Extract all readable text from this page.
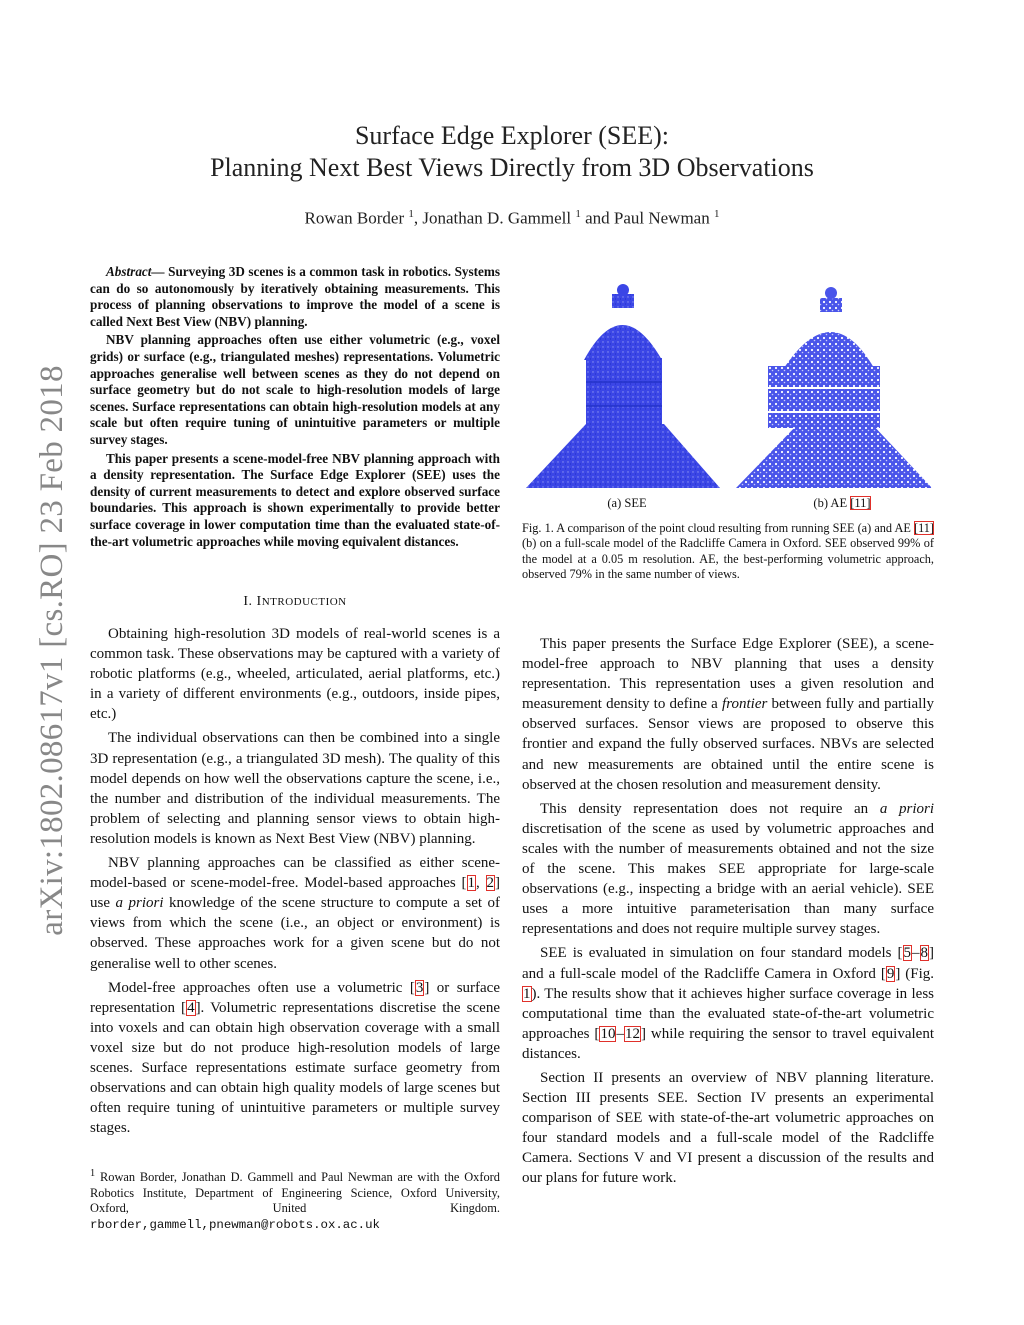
arXiv:1802.08617v1 [cs.RO] 23 Feb 2018
Surface Edge Explorer (SEE):
Planning Next Best Views Directly from 3D Observations
Rowan Border $^1$, Jonathan D. Gammell $^1$ and Paul Newman $^1$

Abstract— Surveying 3D scenes is a common task in robotics. Systems can do so autonomously by iteratively obtaining measurements. This process of planning observations to improve the model of a scene is called Next Best View (NBV) planning.

NBV planning approaches often use either volumetric (e.g., voxel grids) or surface (e.g., triangulated meshes) representations. Volumetric approaches generalise well between scenes as they do not depend on surface geometry but do not scale to high-resolution models of large scenes. Surface representations can obtain high-resolution models at any scale but often require tuning of unintuitive parameters or multiple survey stages.

This paper presents a scene-model-free NBV planning approach with a density representation. The Surface Edge Explorer (SEE) uses the density of current measurements to detect and explore observed surface boundaries. This approach is shown experimentally to provide better surface coverage in lower computation time than the evaluated state-of-the-art volumetric approaches while moving equivalent distances.

I. INTRODUCTION

Obtaining high-resolution 3D models of real-world scenes is a common task. These observations may be captured with a variety of robotic platforms (e.g., wheeled, articulated, aerial platforms, etc.) in a variety of different environments (e.g., outdoors, inside pipes, etc.)

The individual observations can then be combined into a single 3D representation (e.g., a triangulated 3D mesh). The quality of this model depends on how well the observations capture the scene, i.e., the number and distribution of the individual measurements. The problem of selecting and planning sensor views to obtain high-resolution models is known as Next Best View (NBV) planning.

NBV planning approaches can be classified as either scene-model-based or scene-model-free. Model-based approaches [1, 2] use a priori knowledge of the scene structure to compute a set of views from which the scene (i.e., an object or environment) is observed. These approaches work for a given scene but do not generalise well to other scenes.

Model-free approaches often use a volumetric [3] or surface representation [4]. Volumetric representations discretise the scene into voxels and can obtain high observation coverage with a small voxel size but do not produce high-resolution models of large scenes. Surface representations estimate surface geometry from observations and can obtain high quality models of large scenes but often require tuning of unintuitive parameters or multiple survey stages.

$^1$ Rowan Border, Jonathan D. Gammell and Paul Newman are with the Oxford Robotics Institute, Department of Engineering Science, Oxford University, Oxford, United Kingdom. rborder,gammell,pnewman@robots.ox.ac.uk
(a) SEE	(b) AE [11]
Fig. 1. A comparison of the point cloud resulting from running SEE (a) and AE [11] (b) on a full-scale model of the Radcliffe Camera in Oxford. SEE observed 99% of the model at a 0.05 m resolution. AE, the best-performing volumetric approach, observed 79% in the same number of views.

This paper presents the Surface Edge Explorer (SEE), a scene-model-free approach to NBV planning that uses a density representation. This representation uses a given resolution and measurement density to define a frontier between fully and partially observed surfaces. Sensor views are proposed to observe this frontier and expand the fully observed surfaces. NBVs are selected and new measurements are obtained until the entire scene is observed at the chosen resolution and measurement density.

This density representation does not require an a priori discretisation of the scene as used by volumetric approaches and scales with the number of measurements obtained and not the size of the scene. This makes SEE appropriate for large-scale observations (e.g., inspecting a bridge with an aerial vehicle). SEE uses a more intuitive parameterisation than many surface representations and does not require multiple survey stages.

SEE is evaluated in simulation on four standard models [5–8] and a full-scale model of the Radcliffe Camera in Oxford [9] (Fig. 1). The results show that it achieves higher surface coverage in less computational time than the evaluated state-of-the-art volumetric approaches [10–12] while requiring the sensor to travel equivalent distances.

Section II presents an overview of NBV planning literature. Section III presents SEE. Section IV presents an experimental comparison of SEE with state-of-the-art volumetric approaches on four standard models and a full-scale model of the Radcliffe Camera. Sections V and VI present a discussion of the results and our plans for future work.
